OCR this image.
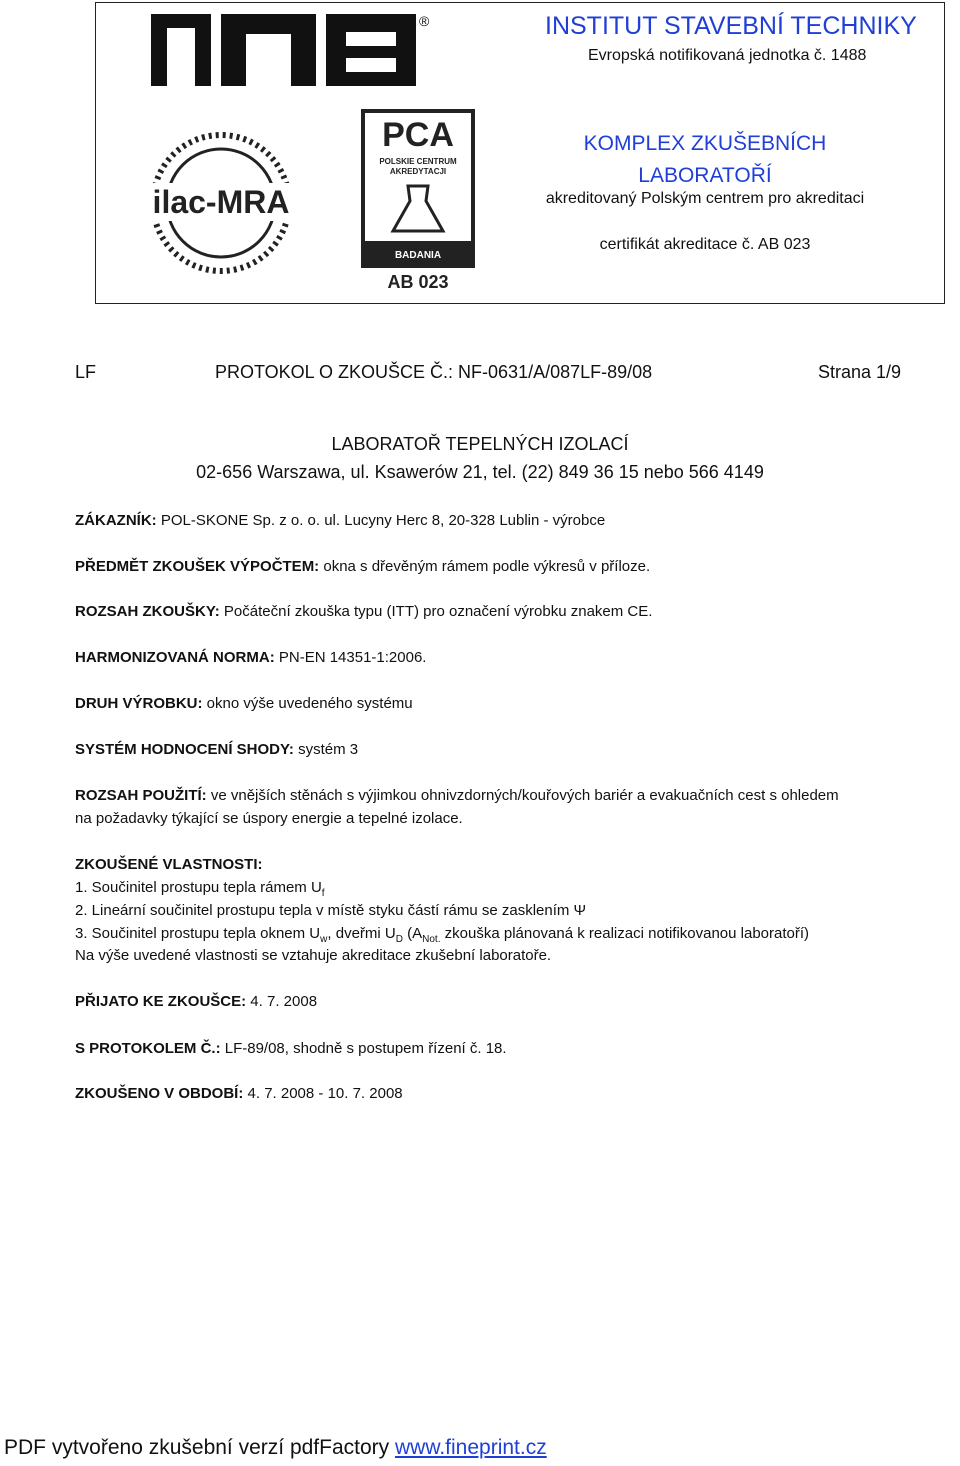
®
ilac-MRA
PCA
POLSKIE CENTRUM
AKREDYTACJI
BADANIA
AB 023
INSTITUT STAVEBNÍ TECHNIKY
Evropská notifikovaná jednotka č. 1488
KOMPLEX ZKUŠEBNÍCH
LABORATOŘÍ
akreditovaný Polským centrem pro akreditaci
certifikát akreditace č. AB 023
LF	PROTOKOL O ZKOUŠCE Č.: NF-0631/A/087LF-89/08	Strana 1/9
LABORATOŘ TEPELNÝCH IZOLACÍ
02-656 Warszawa, ul. Ksawerów 21, tel. (22) 849 36 15 nebo 566 4149
ZÁKAZNÍK: POL-SKONE Sp. z o. o. ul. Lucyny Herc 8, 20-328 Lublin - výrobce
PŘEDMĚT ZKOUŠEK VÝPOČTEM: okna s dřevěným rámem podle výkresů v příloze.
ROZSAH ZKOUŠKY: Počáteční zkouška typu (ITT) pro označení výrobku znakem CE.
HARMONIZOVANÁ NORMA: PN-EN 14351-1:2006.
DRUH VÝROBKU: okno výše uvedeného systému
SYSTÉM HODNOCENÍ SHODY: systém 3
ROZSAH POUŽITÍ: ve vnějších stěnách s výjimkou ohnivzdorných/kouřových bariér a evakuačních cest s ohledem
na požadavky týkající se úspory energie a tepelné izolace.
ZKOUŠENÉ VLASTNOSTI:
1. Součinitel prostupu tepla rámem $U_f$
2. Lineární součinitel prostupu tepla v místě styku částí rámu se zasklením Ψ
3. Součinitel prostupu tepla oknem $U_w$, dveřmi $U_D$ ($A_{Not.}$ zkouška plánovaná k realizaci notifikovanou laboratoří)
Na výše uvedené vlastnosti se vztahuje akreditace zkušební laboratoře.
PŘIJATO KE ZKOUŠCE: 4. 7. 2008
S PROTOKOLEM Č.: LF-89/08, shodně s postupem řízení č. 18.
ZKOUŠENO V OBDOBÍ: 4. 7. 2008 - 10. 7. 2008
PDF vytvořeno zkušební verzí pdfFactory www.fineprint.cz
